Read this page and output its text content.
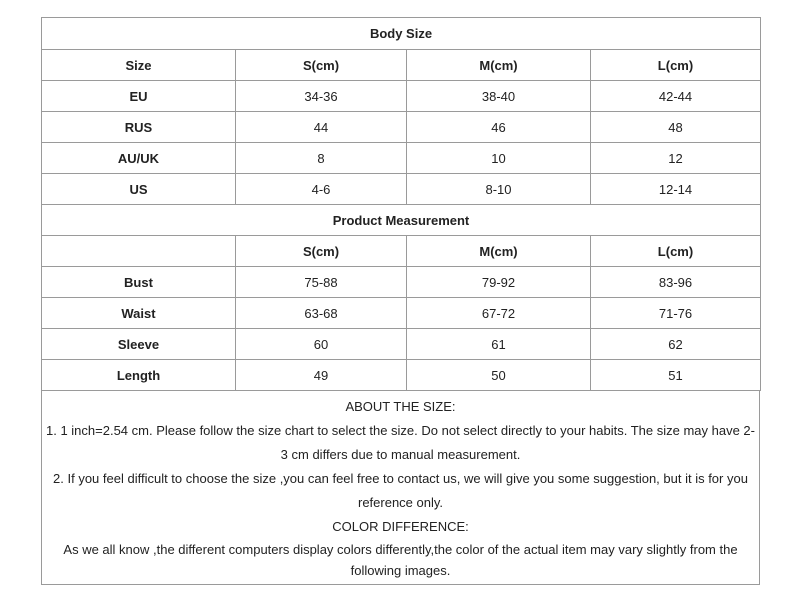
Body Size			
Size	S(cm)	M(cm)	L(cm)
EU	34-36	38-40	42-44
RUS	44	46	48
AU/UK	8	10	12
US	4-6	8-10	12-14
Product Measurement			
	S(cm)	M(cm)	L(cm)
Bust	75-88	79-92	83-96
Waist	63-68	67-72	71-76
Sleeve	60	61	62
Length	49	50	51

ABOUT THE SIZE:

1. 1 inch=2.54 cm. Please follow the size chart to select the size. Do not select directly to your habits. The size may have 2-3 cm differs due to manual measurement.

2. If you feel difficult to choose the size ,you can feel free to contact us, we will give you some suggestion, but it is for you reference only.

COLOR DIFFERENCE:

As we all know ,the different computers display colors differently,the color of the actual item may vary slightly from the following images.
